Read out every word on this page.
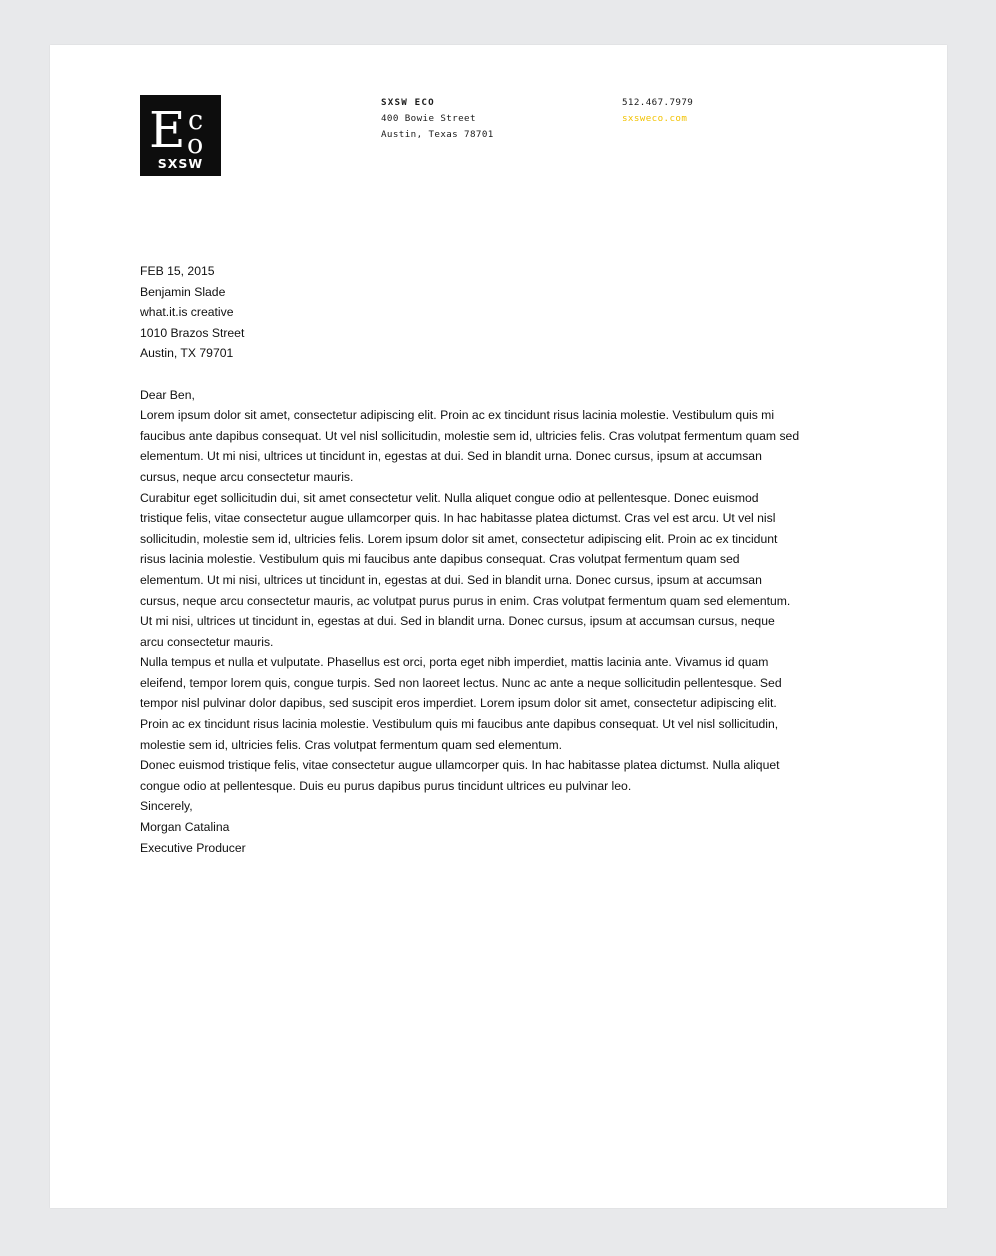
E c
o
SXSW
SXSW ECO
400 Bowie Street
Austin, Texas 78701
512.467.7979
sxsweco.com

FEB 15, 2015

Benjamin Slade
what.it.is creative
1010 Brazos Street
Austin, TX 79701

Dear Ben,

Lorem ipsum dolor sit amet, consectetur adipiscing elit. Proin ac ex tincidunt risus lacinia molestie. Vestibulum quis mi faucibus ante dapibus consequat. Ut vel nisl sollicitudin, molestie sem id, ultricies felis. Cras volutpat fermentum quam sed elementum. Ut mi nisi, ultrices ut tincidunt in, egestas at dui. Sed in blandit urna. Donec cursus, ipsum at accumsan cursus, neque arcu consectetur mauris.

Curabitur eget sollicitudin dui, sit amet consectetur velit. Nulla aliquet congue odio at pellentesque. Donec euismod tristique felis, vitae consectetur augue ullamcorper quis. In hac habitasse platea dictumst. Cras vel est arcu. Ut vel nisl sollicitudin, molestie sem id, ultricies felis. Lorem ipsum dolor sit amet, consectetur adipiscing elit. Proin ac ex tincidunt risus lacinia molestie. Vestibulum quis mi faucibus ante dapibus consequat. Cras volutpat fermentum quam sed elementum. Ut mi nisi, ultrices ut tincidunt in, egestas at dui. Sed in blandit urna. Donec cursus, ipsum at accumsan cursus, neque arcu consectetur mauris, ac volutpat purus purus in enim. Cras volutpat fermentum quam sed elementum. Ut mi nisi, ultrices ut tincidunt in, egestas at dui. Sed in blandit urna. Donec cursus, ipsum at accumsan cursus, neque arcu consectetur mauris.

Nulla tempus et nulla et vulputate. Phasellus est orci, porta eget nibh imperdiet, mattis lacinia ante. Vivamus id quam eleifend, tempor lorem quis, congue turpis. Sed non laoreet lectus. Nunc ac ante a neque sollicitudin pellentesque. Sed tempor nisl pulvinar dolor dapibus, sed suscipit eros imperdiet. Lorem ipsum dolor sit amet, consectetur adipiscing elit. Proin ac ex tincidunt risus lacinia molestie. Vestibulum quis mi faucibus ante dapibus consequat. Ut vel nisl sollicitudin, molestie sem id, ultricies felis. Cras volutpat fermentum quam sed elementum.

Donec euismod tristique felis, vitae consectetur augue ullamcorper quis. In hac habitasse platea dictumst. Nulla aliquet congue odio at pellentesque. Duis eu purus dapibus purus tincidunt ultrices eu pulvinar leo.

Sincerely,

Morgan Catalina
Executive Producer
